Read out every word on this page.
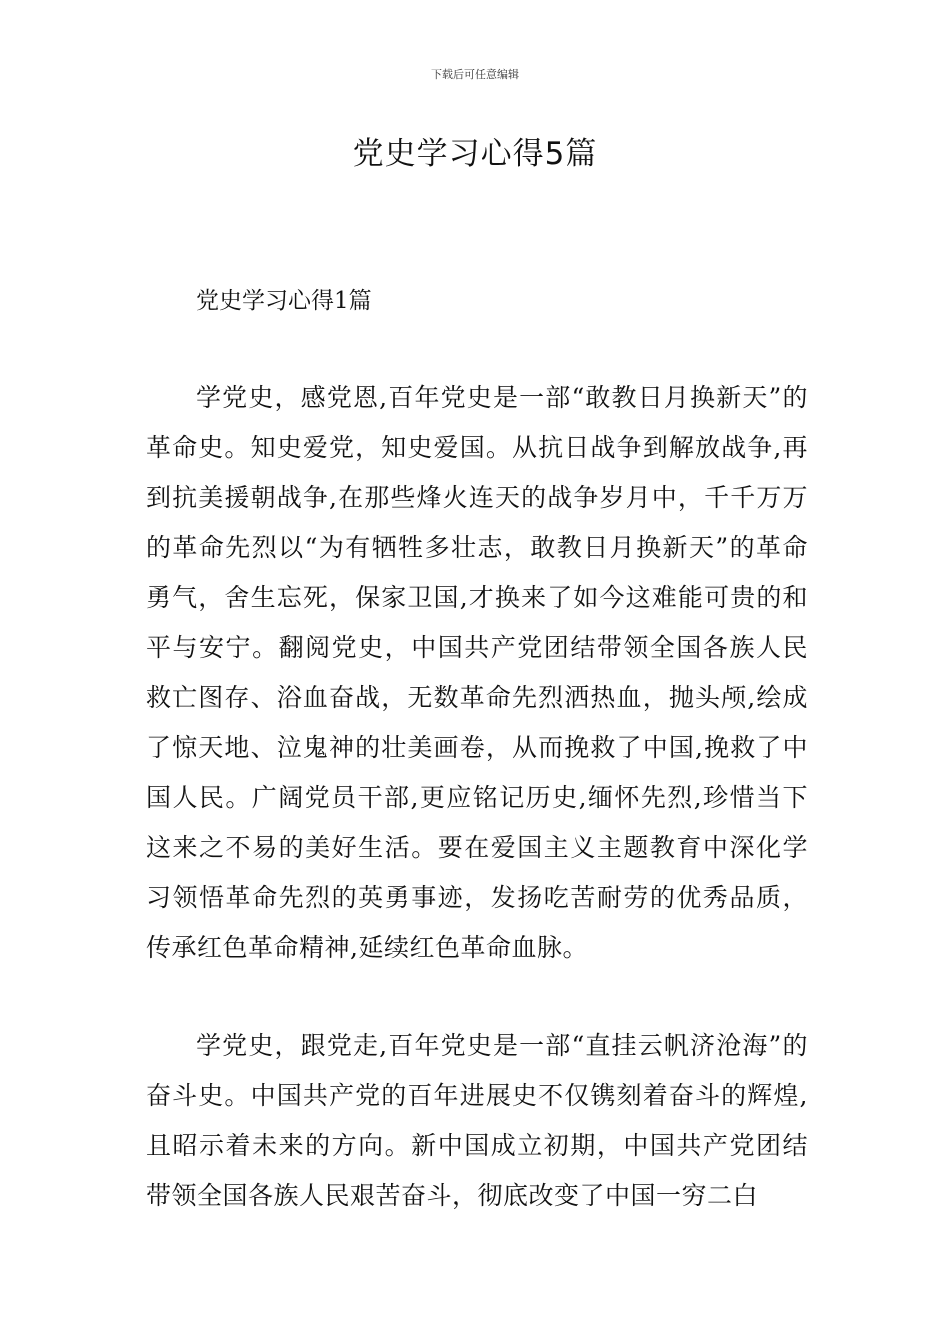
下载后可任意编辑
党史学习心得5篇
党史学习心得1篇

学党史，感党恩,百年党史是一部“敢教日月换新天”的革命史。知史爱党，知史爱国。从抗日战争到解放战争,再到抗美援朝战争,在那些烽火连天的战争岁月中，千千万万的革命先烈以“为有牺牲多壮志，敢教日月换新天”的革命勇气，舍生忘死，保家卫国,才换来了如今这难能可贵的和平与安宁。翻阅党史，中国共产党团结带领全国各族人民救亡图存、浴血奋战，无数革命先烈洒热血，抛头颅,绘成了惊天地、泣鬼神的壮美画卷，从而挽救了中国,挽救了中国人民。广阔党员干部,更应铭记历史,缅怀先烈,珍惜当下这来之不易的美好生活。要在爱国主义主题教育中深化学习领悟革命先烈的英勇事迹，发扬吃苦耐劳的优秀品质，传承红色革命精神,延续红色革命血脉。

学党史，跟党走,百年党史是一部“直挂云帆济沧海”的奋斗史。中国共产党的百年进展史不仅镌刻着奋斗的辉煌,且昭示着未来的方向。新中国成立初期，中国共产党团结带领全国各族人民艰苦奋斗，彻底改变了中国一穷二白
